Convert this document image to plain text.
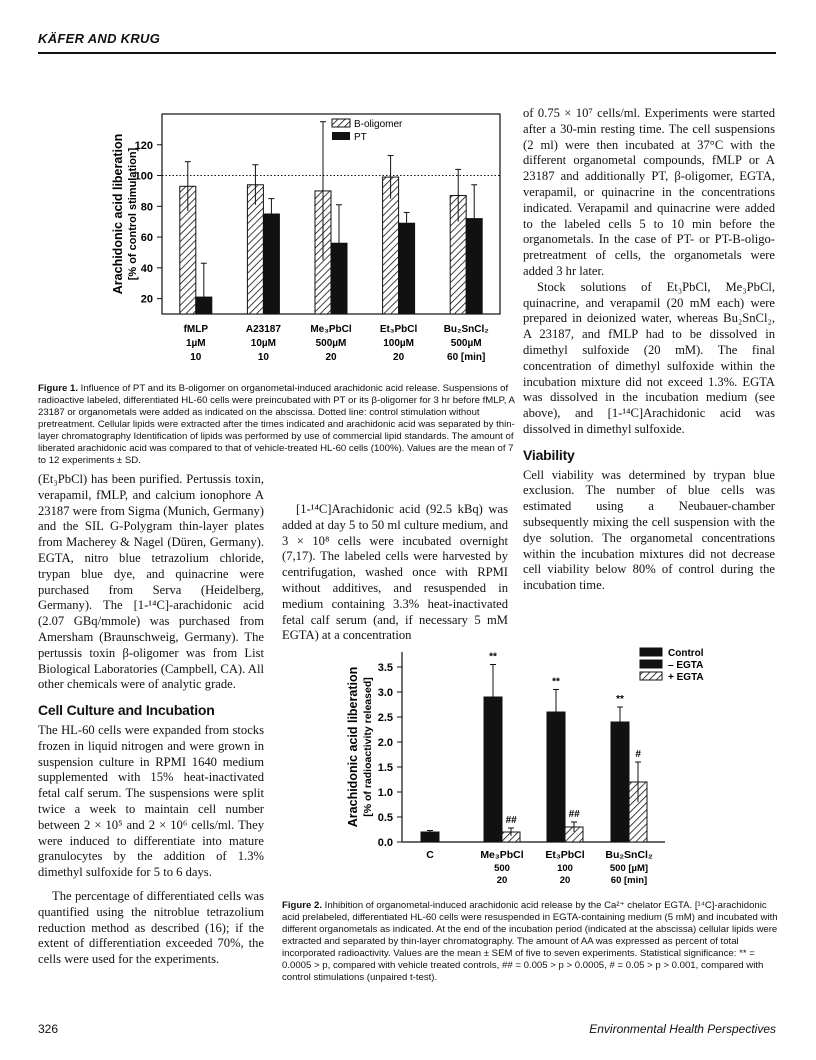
KÄFER AND KRUG
20
40
60
80
100
120
Arachidonic acid liberation [% of control stimulation]
B-oligomer
PT
fMLP
1µM
10
A23187
10µM
10
Me₃PbCl
500µM
20
Et₃PbCl
100µM
20
Bu₂SnCl₂
500µM
60 [min]
Figure 1. Influence of PT and its B-oligomer on organometal-induced arachidonic acid release. Suspensions of radioactive labeled, differentiated HL-60 cells were preincubated with PT or its β-oligomer for 3 hr before fMLP, A 23187 or organometals were added as indicated on the abscissa. Dotted line: control stimulation without pretreatment. Cellular lipids were extracted after the times indicated and arachidonic acid was separated by thin-layer chromatography Identification of lipids was performed by use of commercial lipid standards. The amount of liberated arachidonic acid was compared to that of vehicle-treated HL-60 cells (100%). Values are the mean of 7 to 12 experiments ± SD.

of 0.75 × 10⁷ cells/ml. Experiments were started after a 30-min resting time. The cell suspensions (2 ml) were then incubated at 37°C with the different organometal compounds, fMLP or A 23187 and additionally PT, β-oligomer, EGTA, verapamil, or quinacrine in the concentrations indicated. Verapamil and quinacrine were added to the labeled cells 5 to 10 min before the organometals. In the case of PT- or PT-B-oligo-pretreatment of cells, the organometals were added 3 hr later.

Stock solutions of Et₃PbCl, Me₃PbCl, quinacrine, and verapamil (20 mM each) were prepared in deionized water, whereas Bu₂SnCl₂, A 23187, and fMLP had to be dissolved in dimethyl sulfoxide (20 mM). The final concentration of dimethyl sulfoxide within the incubation mixture did not exceed 1.3%. EGTA was dissolved in the incubation medium (see above), and [1-¹⁴C]Arachidonic acid was dissolved in dimethyl sulfoxide.

Viability

Cell viability was determined by trypan blue exclusion. The number of blue cells was estimated using a Neubauer-chamber subsequently mixing the cell suspension with the dye solution. The organometal concentrations within the incubation mixtures did not decrease cell viability below 80% of control during the incubation time.

(Et₃PbCl) has been purified. Pertussis toxin, verapamil, fMLP, and calcium ionophore A 23187 were from Sigma (Munich, Germany) and the SIL G-Polygram thin-layer plates from Macherey & Nagel (Düren, Germany). EGTA, nitro blue tetrazolium chloride, trypan blue dye, and quinacrine were purchased from Serva (Heidelberg, Germany). The [1-¹⁴C]-arachidonic acid (2.07 GBq/mmole) was purchased from Amersham (Braunschweig, Germany). The pertussis toxin β-oligomer was from List Biological Laboratories (Campbell, CA). All other chemicals were of analytic grade.

Cell Culture and Incubation

The HL-60 cells were expanded from stocks frozen in liquid nitrogen and were grown in suspension culture in RPMI 1640 medium supplemented with 15% heat-inactivated fetal calf serum. The suspensions were split twice a week to maintain cell number between 2 × 10⁵ and 2 × 10⁶ cells/ml. They were induced to differentiate into mature granulocytes by the addition of 1.3% dimethyl sulfoxide for 5 to 6 days.

The percentage of differentiated cells was quantified using the nitroblue tetrazolium reduction method as described (16); if the extent of differentiation exceeded 70%, the cells were used for the experiments.

[1-¹⁴C]Arachidonic acid (92.5 kBq) was added at day 5 to 50 ml culture medium, and 3 × 10⁸ cells were incubated overnight (7,17). The labeled cells were harvested by centrifugation, washed once with RPMI without additives, and resuspended in medium containing 3.3% heat-inactivated fetal calf serum (and, if necessary 5 mM EGTA) at a concentration

0.0
0.5
1.0
1.5
2.0
2.5
3.0
3.5
Arachidonic acid liberation [% of radioactivity released]
Control
– EGTA
+ EGTA
C
**
##
Me₃PbCl
500
20
**
##
Et₃PbCl
100
20
**
#
Bu₂SnCl₂
500 [µM]
60 [min]
Figure 2. Inhibition of organometal-induced arachidonic acid release by the Ca²⁺ chelator EGTA. [¹⁴C]-arachidonic acid prelabeled, differentiated HL-60 cells were resuspended in EGTA-containing medium (5 mM) and incubated with different organometals as indicated. At the end of the incubation period (indicated at the abscissa) cellular lipids were extracted and separated by thin-layer chromatography. The amount of AA was expressed as percent of total incorporated radioactivity. Values are the mean ± SEM of five to seven experiments. Statistical significance: ** = 0.0005 > p, compared with vehicle treated controls, ## = 0.005 > p > 0.0005, # = 0.05 > p > 0.001, compared with control stimulations (unpaired t-test).
326	Environmental Health Perspectives
